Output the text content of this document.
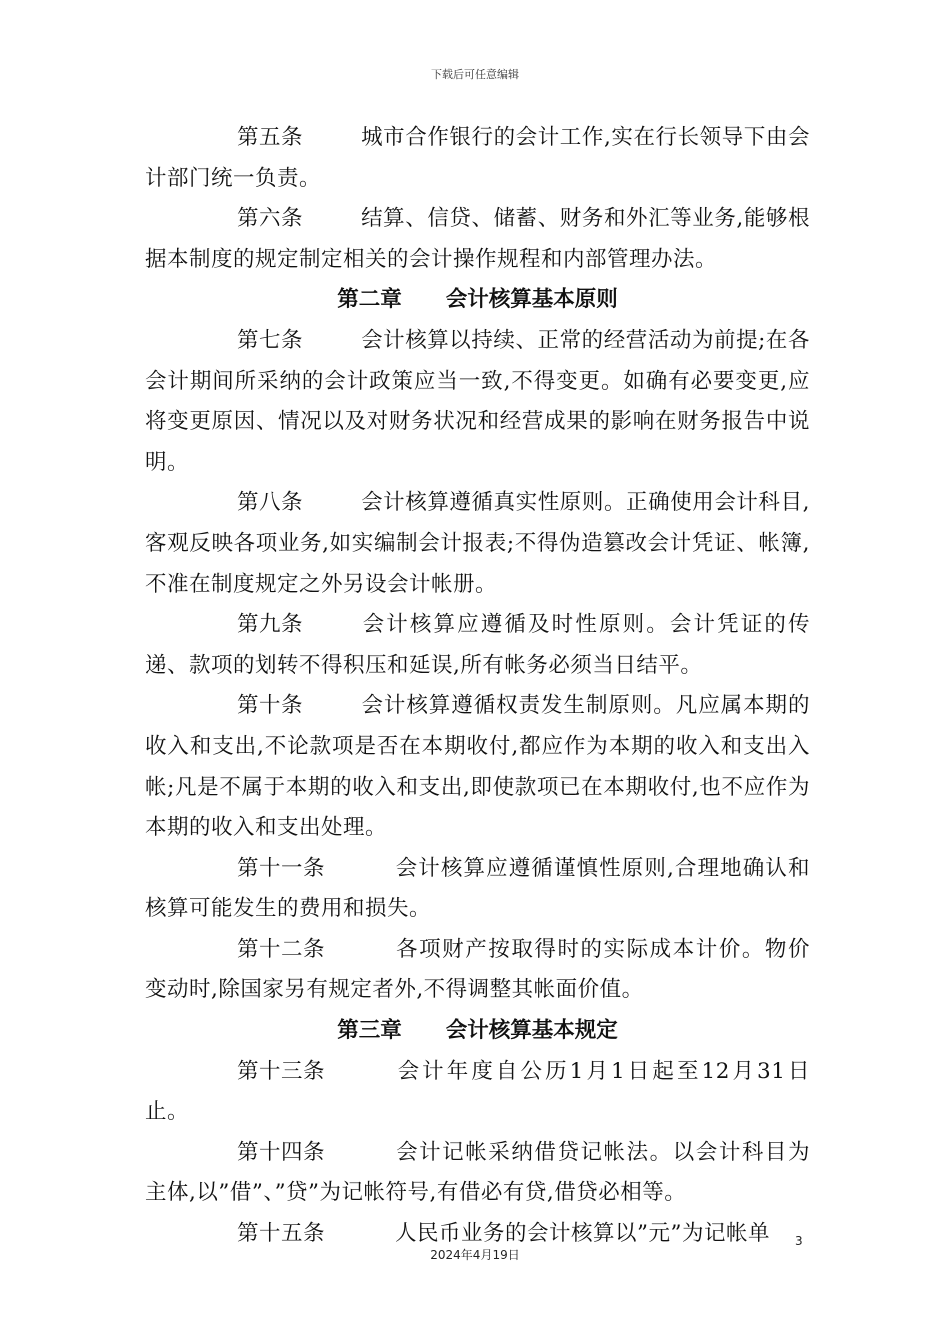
下载后可任意编辑

第五条	城市合作银行的会计工作,实在行长领导下由会计部门统一负责。

第六条	结算、信贷、储蓄、财务和外汇等业务,能够根据本制度的规定制定相关的会计操作规程和内部管理办法。

第二章 会计核算基本原则

第七条	会计核算以持续、正常的经营活动为前提;在各会计期间所采纳的会计政策应当一致,不得变更。如确有必要变更,应将变更原因、情况以及对财务状况和经营成果的影响在财务报告中说明。

第八条	会计核算遵循真实性原则。正确使用会计科目,客观反映各项业务,如实编制会计报表;不得伪造篡改会计凭证、帐簿,不准在制度规定之外另设会计帐册。

第九条	会计核算应遵循及时性原则。会计凭证的传递、款项的划转不得积压和延误,所有帐务必须当日结平。

第十条	会计核算遵循权责发生制原则。凡应属本期的收入和支出,不论款项是否在本期收付,都应作为本期的收入和支出入帐;凡是不属于本期的收入和支出,即使款项已在本期收付,也不应作为本期的收入和支出处理。

第十一条	会计核算应遵循谨慎性原则,合理地确认和核算可能发生的费用和损失。

第十二条	各项财产按取得时的实际成本计价。物价变动时,除国家另有规定者外,不得调整其帐面价值。

第三章 会计核算基本规定

第十三条	会计年度自公历1月1日起至12月31日止。

第十四条	会计记帐采纳借贷记帐法。以会计科目为主体,以”借”、”贷”为记帐符号,有借必有贷,借贷必相等。

第十五条	人民币业务的会计核算以”元”为记帐单	3
2024年4月19日
